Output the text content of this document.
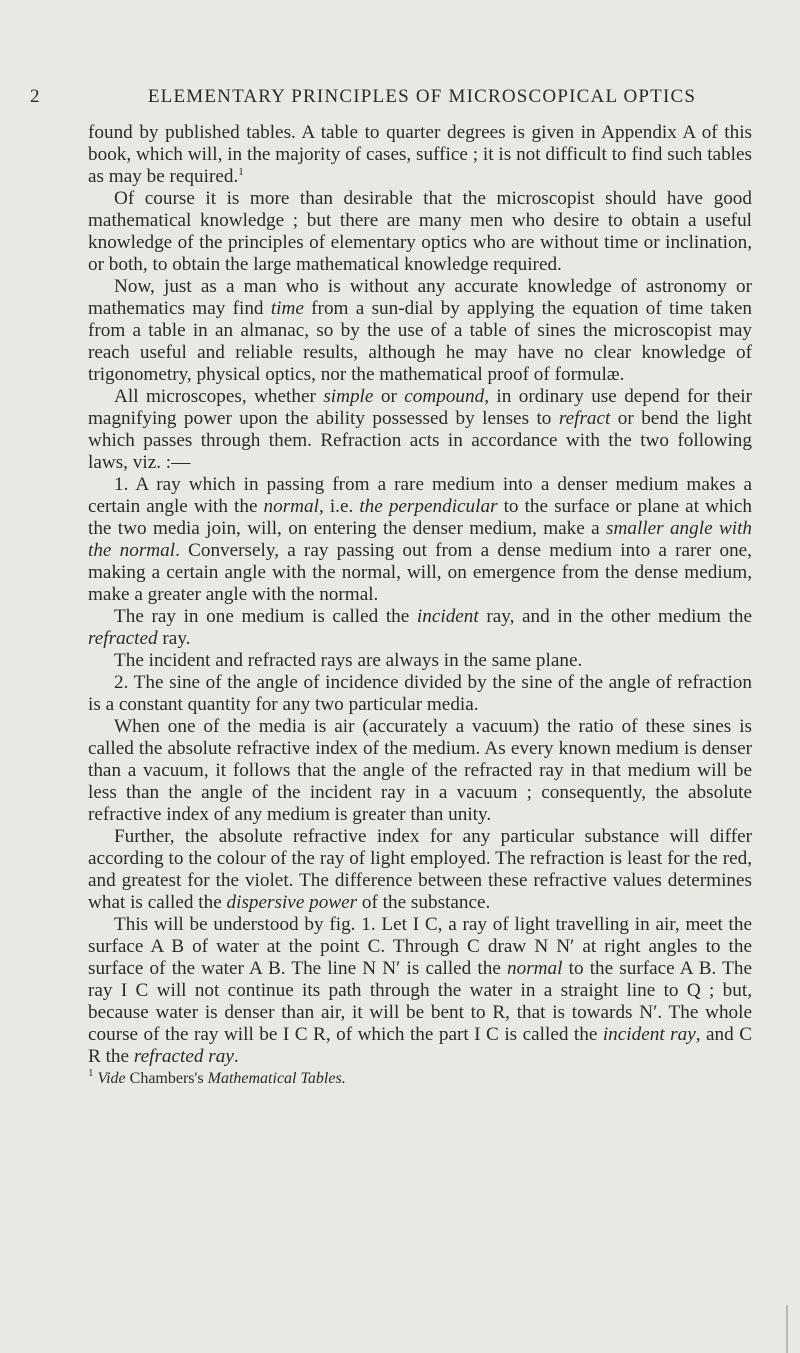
2	ELEMENTARY PRINCIPLES OF MICROSCOPICAL OPTICS

found by published tables. A table to quarter degrees is given in Appendix A of this book, which will, in the majority of cases, suffice ; it is not difficult to find such tables as may be required.$^1$

Of course it is more than desirable that the microscopist should have good mathematical knowledge ; but there are many men who desire to obtain a useful knowledge of the principles of elementary optics who are without time or inclination, or both, to obtain the large mathematical knowledge required.

Now, just as a man who is without any accurate knowledge of astronomy or mathematics may find time from a sun-dial by applying the equation of time taken from a table in an almanac, so by the use of a table of sines the microscopist may reach useful and reliable results, although he may have no clear knowledge of trigonometry, physical optics, nor the mathematical proof of formulæ.

All microscopes, whether simple or compound, in ordinary use depend for their magnifying power upon the ability possessed by lenses to refract or bend the light which passes through them. Refraction acts in accordance with the two following laws, viz. :—

1. A ray which in passing from a rare medium into a denser medium makes a certain angle with the normal, i.e. the perpendicular to the surface or plane at which the two media join, will, on entering the denser medium, make a smaller angle with the normal. Conversely, a ray passing out from a dense medium into a rarer one, making a certain angle with the normal, will, on emergence from the dense medium, make a greater angle with the normal.

The ray in one medium is called the incident ray, and in the other medium the refracted ray.

The incident and refracted rays are always in the same plane.

2. The sine of the angle of incidence divided by the sine of the angle of refraction is a constant quantity for any two particular media.

When one of the media is air (accurately a vacuum) the ratio of these sines is called the absolute refractive index of the medium. As every known medium is denser than a vacuum, it follows that the angle of the refracted ray in that medium will be less than the angle of the incident ray in a vacuum ; consequently, the absolute refractive index of any medium is greater than unity.

Further, the absolute refractive index for any particular substance will differ according to the colour of the ray of light employed. The refraction is least for the red, and greatest for the violet. The difference between these refractive values determines what is called the dispersive power of the substance.

This will be understood by fig. 1. Let I C, a ray of light travelling in air, meet the surface A B of water at the point C. Through C draw N N′ at right angles to the surface of the water A B. The line N N′ is called the normal to the surface A B. The ray I C will not continue its path through the water in a straight line to Q ; but, because water is denser than air, it will be bent to R, that is towards N′. The whole course of the ray will be I C R, of which the part I C is called the incident ray, and C R the refracted ray.

$^1$ Vide Chambers's Mathematical Tables.
